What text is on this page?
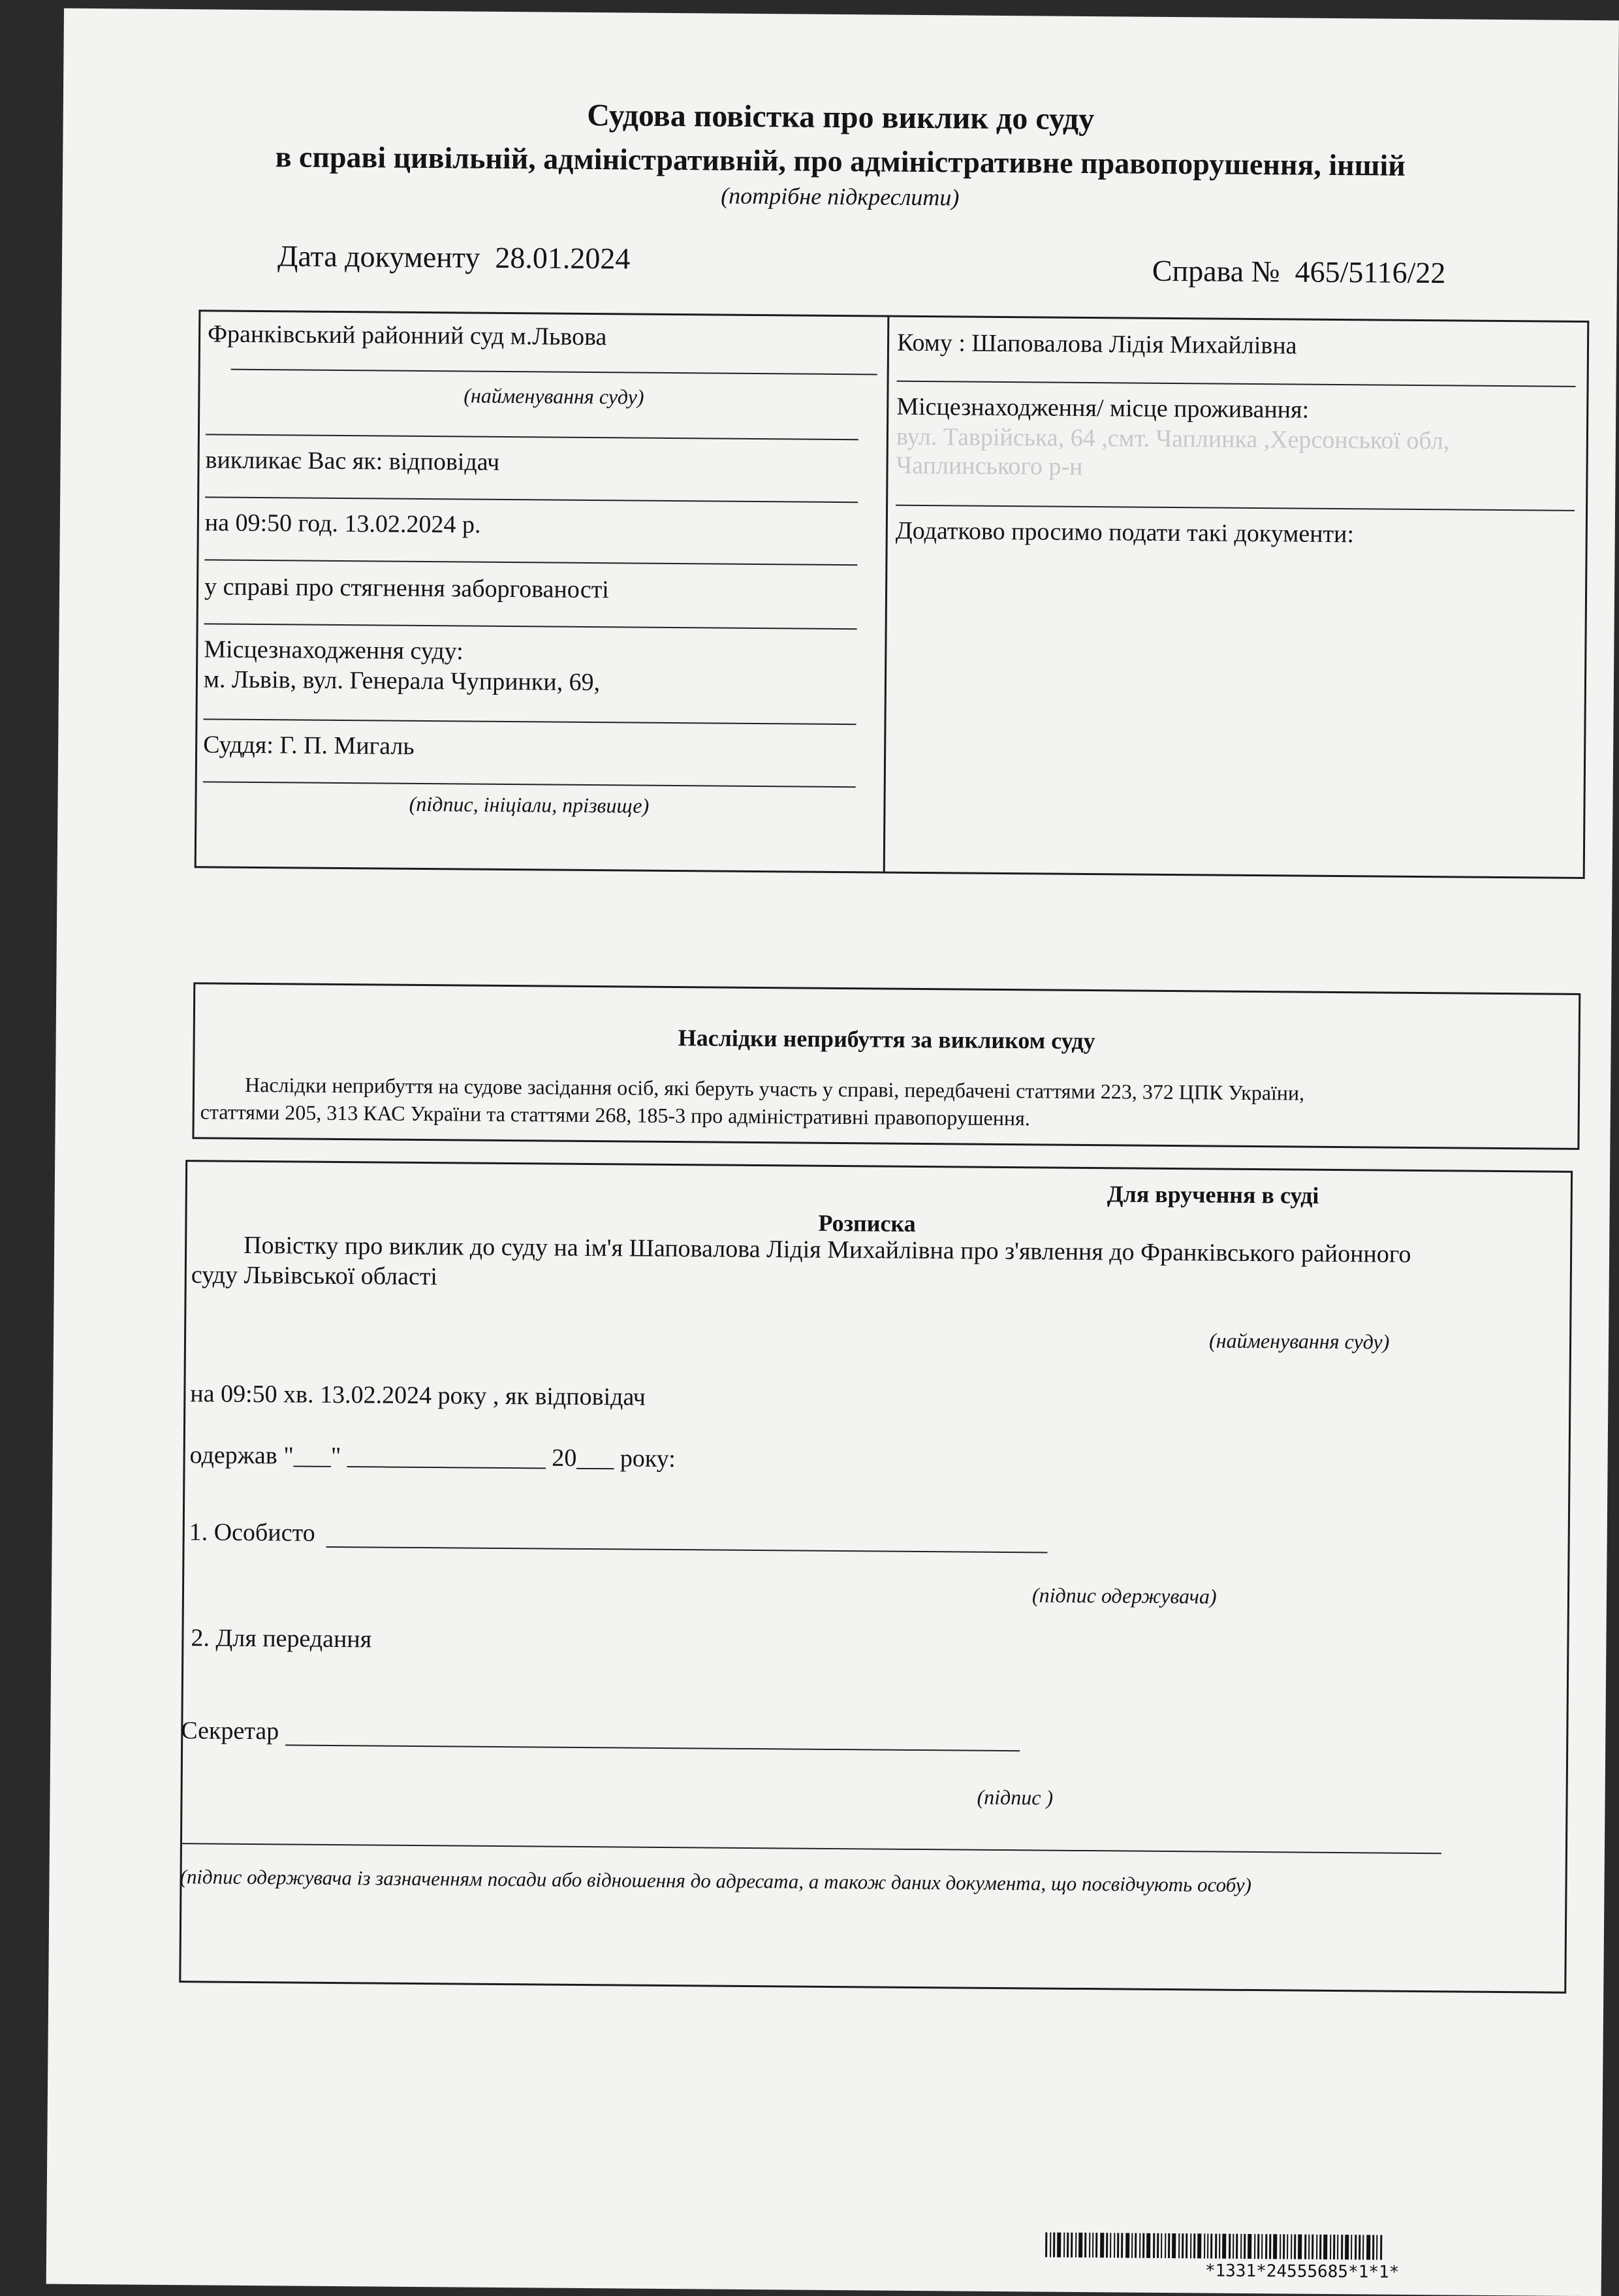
Судова повістка про виклик до суду
в справі цивільній, адміністративній, про адміністративне правопорушення, іншій
(потрібне підкреслити)
Дата документу 28.01.2024	Справа № 465/5116/22
Франківський районний суд м.Львова
(найменування суду)
викликає Вас як: відповідач
на 09:50 год. 13.02.2024 р.
у справі про стягнення заборгованості
Місцезнаходження суду:
м. Львів, вул. Генерала Чупринки, 69,
Суддя: Г. П. Мигаль
(підпис, ініціали, прізвище)
Кому : Шаповалова Лідія Михайлівна
Місцезнаходження/ місце проживання:
вул. Таврійська, 64 ,смт. Чаплинка ,Херсонської обл,
Чаплинського р-н
Додатково просимо подати такі документи:
Наслідки неприбуття за викликом суду
Наслідки неприбуття на судове засідання осіб, які беруть участь у справі, передбачені статтями 223, 372 ЦПК України,
статтями 205, 313 КАС України та статтями 268, 185-3 про адміністративні правопорушення.
Для вручення в суді
Розписка
Повістку про виклик до суду на ім'я Шаповалова Лідія Михайлівна про з'явлення до Франківського районного
суду Львівської області
(найменування суду)
на 09:50 хв. 13.02.2024 року , як відповідач
одержав "___" ________________ 20___ року:
1. Особисто
(підпис одержувача)
2. Для передання
Секретар
(підпис )
(підпис одержувача із зазначенням посади або відношення до адресата, а також даних документа, що посвідчують особу)
*1331*24555685*1*1*
